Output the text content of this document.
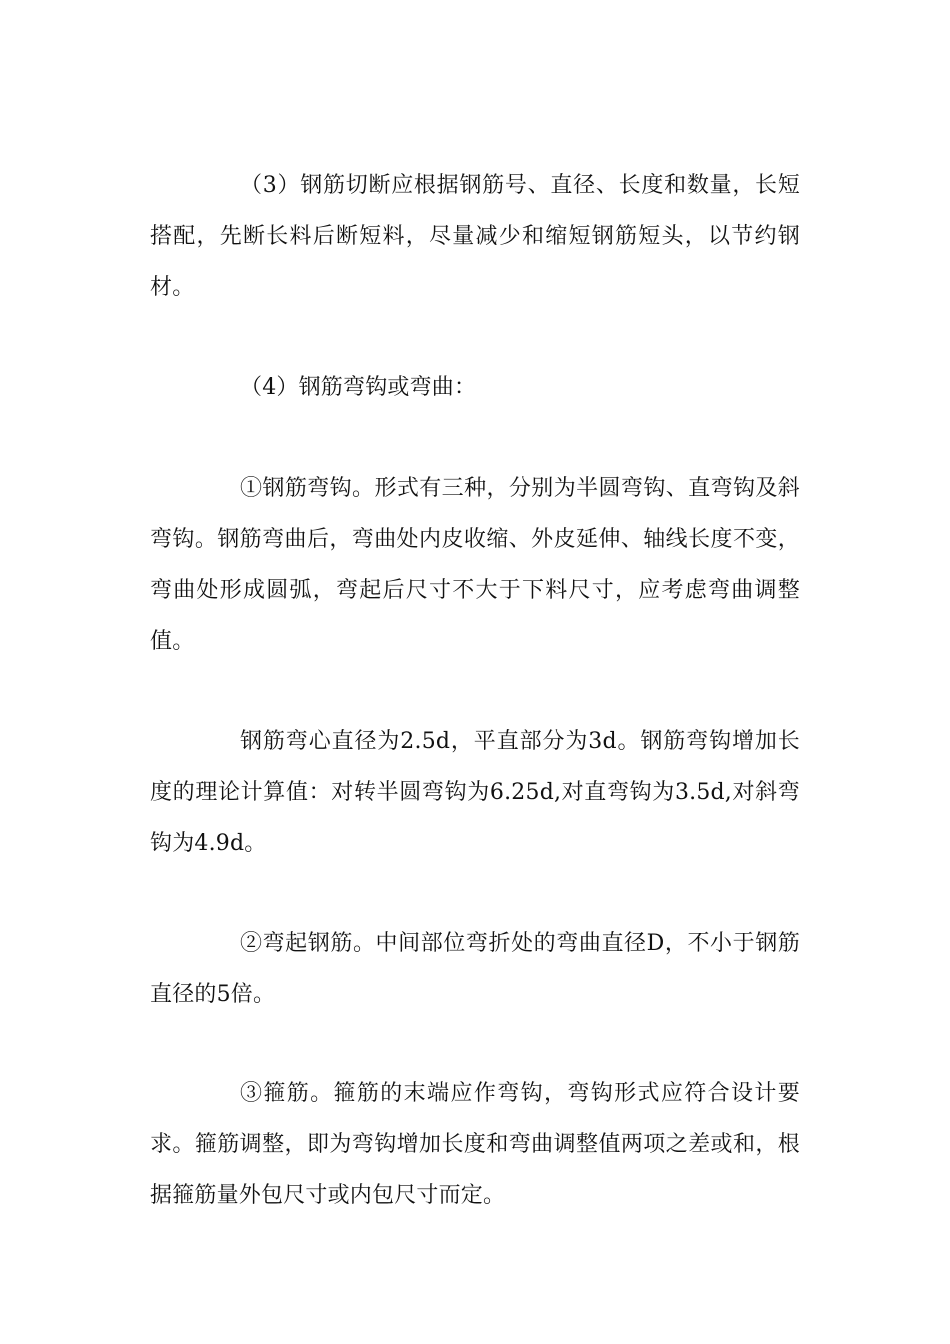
（3）钢筋切断应根据钢筋号、直径、长度和数量，长短搭配，先断长料后断短料，尽量减少和缩短钢筋短头，以节约钢材。

（4）钢筋弯钩或弯曲：

①钢筋弯钩。形式有三种，分别为半圆弯钩、直弯钩及斜弯钩。钢筋弯曲后，弯曲处内皮收缩、外皮延伸、轴线长度不变，弯曲处形成圆弧，弯起后尺寸不大于下料尺寸，应考虑弯曲调整值。

钢筋弯心直径为2.5d，平直部分为3d。钢筋弯钩增加长度的理论计算值：对转半圆弯钩为6.25d,对直弯钩为3.5d,对斜弯钩为4.9d。

②弯起钢筋。中间部位弯折处的弯曲直径D，不小于钢筋直径的5倍。

③箍筋。箍筋的末端应作弯钩，弯钩形式应符合设计要求。箍筋调整，即为弯钩增加长度和弯曲调整值两项之差或和，根据箍筋量外包尺寸或内包尺寸而定。
